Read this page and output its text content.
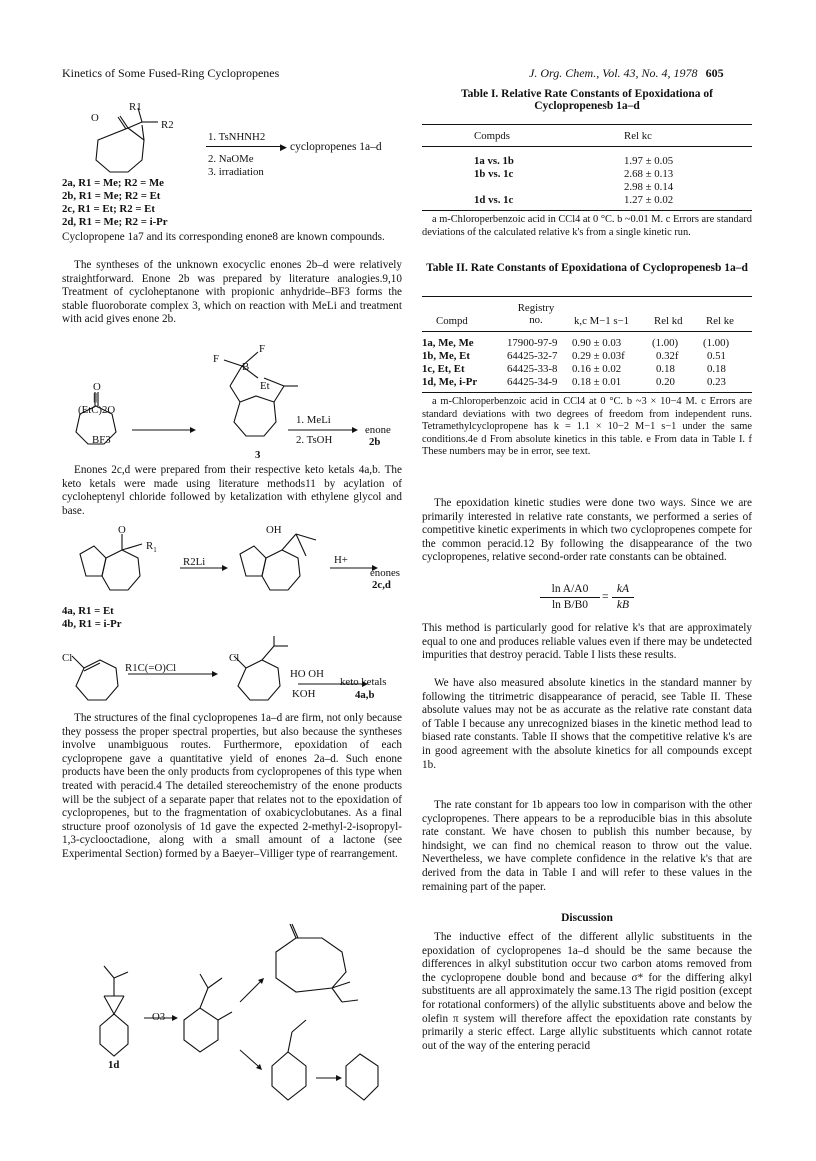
Kinetics of Some Fused-Ring Cyclopropenes	J. Org. Chem., Vol. 43, No. 4, 1978 605
O
R1
R2
1. TsNHNH2
▶ cyclopropenes 1a–d
2. NaOMe
3. irradiation
2a, R1 = Me; R2 = Me
2b, R1 = Me; R2 = Et
2c, R1 = Et; R2 = Et
2d, R1 = Me; R2 = i-Pr
Cyclopropene 1a7 and its corresponding enone8 are known compounds.
The syntheses of the unknown exocyclic enones 2b–d were relatively straightforward. Enone 2b was prepared by literature analogies.9,10 Treatment of cycloheptanone with propionic anhydride–BF3 forms the stable fluoroborate complex 3, which on reaction with MeLi and treatment with acid gives enone 2b.
O
||
(EtC)2O
BF3
F
F
B
Et
1. MeLi
2. TsOH
enone
2b
3
Enones 2c,d were prepared from their respective keto ketals 4a,b. The keto ketals were made using literature methods11 by acylation of cycloheptenyl chloride followed by ketalization with ethylene glycol and base.
O
$R_1$
R2Li
OH
H+
enones
2c,d
4a, R1 = Et
4b, R1 = i-Pr
Cl	Cl
R1C(=O)Cl	HO OH
KOH
keto ketals
4a,b
The structures of the final cyclopropenes 1a–d are firm, not only because they possess the proper spectral properties, but also because the syntheses involve unambiguous routes. Furthermore, epoxidation of each cyclopropene gave a quantitative yield of enones 2a–d. Such enone products have been the only products from cyclopropenes of this type when treated with peracid.4 The detailed stereochemistry of the enone products will be the subject of a separate paper that relates not to the epoxidation of cyclopropenes, but to the fragmentation of oxabicyclobutanes. As a final structure proof ozonolysis of 1d gave the expected 2-methyl-2-isopropyl-1,3-cyclooctadione, along with a small amount of a lactone (see Experimental Section) formed by a Baeyer–Villiger type of rearrangement.
O3
1d
Table I. Relative Rate Constants of Epoxidationa of Cyclopropenesb 1a–d
Compds	Rel kc
1a vs. 1b	1.97 ± 0.05
1b vs. 1c	2.68 ± 0.13
2.98 ± 0.14
1d vs. 1c	1.27 ± 0.02
a m-Chloroperbenzoic acid in CCl4 at 0 °C. b ~0.01 M. c Errors are standard deviations of the calculated relative k's from a single kinetic run.
Table II. Rate Constants of Epoxidationa of Cyclopropenesb 1a–d
Compd
Registry no.	k,c M−1 s−1 Rel kd Rel ke
1a, Me, Me	17900-97-9 0.90 ± 0.03	(1.00) (1.00)
1b, Me, Et	64425-32-7 0.29 ± 0.03f	0.32f	0.51
1c, Et, Et	64425-33-8 0.16 ± 0.02	0.18	0.18
1d, Me, i-Pr	64425-34-9 0.18 ± 0.01	0.20	0.23
a m-Chloroperbenzoic acid in CCl4 at 0 °C. b ~3 × 10−4 M. c Errors are standard deviations with two degrees of freedom from independent runs. Tetramethylcyclopropene has k = 1.1 × 10−2 M−1 s−1 under the same conditions.4e d From absolute kinetics in this table. e From data in Table I. f These numbers may be in error, see text.
The epoxidation kinetic studies were done two ways. Since we are primarily interested in relative rate constants, we performed a series of competitive kinetic experiments in which two cyclopropenes compete for the common peracid.12 By following the disappearance of the two cyclopropenes, relative second-order rate constants can be obtained.
ln A/A0
ln B/B0
=
kA
kB
This method is particularly good for relative k's that are approximately equal to one and produces reliable values even if there may be undetected impurities that destroy peracid. Table I lists these results.
We have also measured absolute kinetics in the standard manner by following the titrimetric disappearance of peracid, see Table II. These absolute values may not be as accurate as the relative rate constant data of Table I because any unrecognized biases in the kinetic method lead to biased rate constants. Table II shows that the competitive relative k's are in good agreement with the absolute kinetics for all compounds except 1b.
The rate constant for 1b appears too low in comparison with the other cyclopropenes. There appears to be a reproducible bias in this absolute rate constant. We have chosen to publish this number because, by hindsight, we can find no chemical reason to throw out the value. Nevertheless, we have complete confidence in the relative k's that are derived from the data in Table I and will refer to these values in the remaining part of the paper.
Discussion
The inductive effect of the different allylic substituents in the epoxidation of cyclopropenes 1a–d should be the same because the differences in alkyl substitution occur two carbon atoms removed from the cyclopropene double bond and because σ* for the differing alkyl substituents are all approximately the same.13 The rigid position (except for rotational conformers) of the allylic substituents above and below the olefin π system will therefore affect the epoxidation rate constants by primarily a steric effect. Large allylic substituents which cannot rotate out of the way of the entering peracid
